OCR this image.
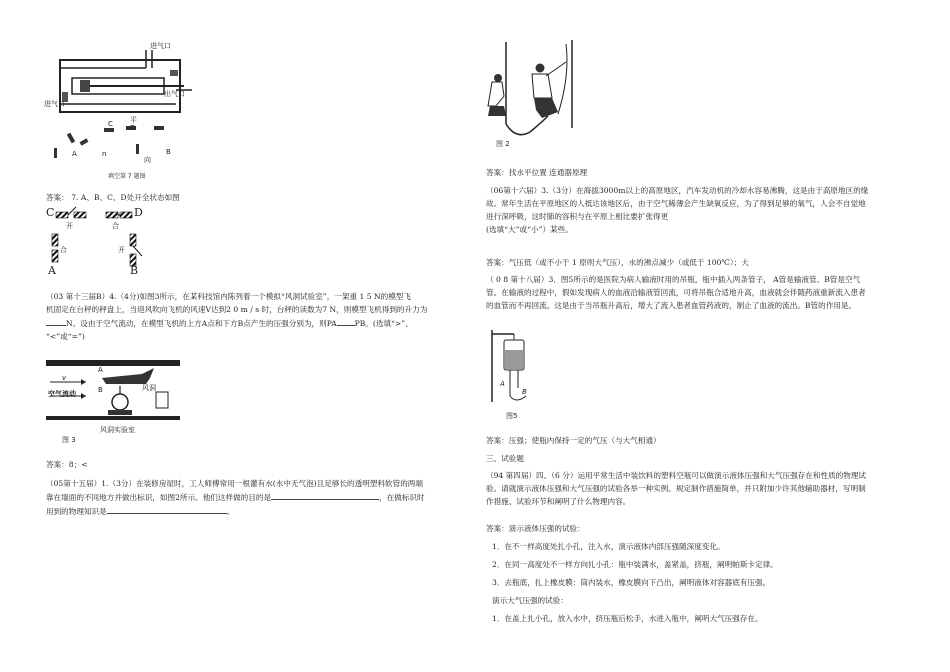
进气口
进气口
出气口
平
C D
A	B
向
n
填空第 7 题图

答案： 7. A、B、C、D处开全状态如图

C	D
开	合
合	开
A	B

（03 第十三届B）4.（4分)如图3所示，在某科技馆内陈列着一个模拟“风洞试验室”，一架重 1 5 N的模型飞

机固定在台秤的秤盘上，当迎风吹向飞机的风速V达到2 0 m / s 时，台秤的读数为7 N，则模型飞机得到的升力为

N。设由于空气流动，在模型飞机的上方A点和下方B点产生的压强分别为，则PA PB。(选填“>”、

“<”或“=”)

v
A
B
空气流动
风洞
风洞实验室
图 3

答案：8；<

（05第十五届）1.（3分）在装修房屋时，工人师傅常用一根灌有水(水中无气泡)且足够长的透明塑料软管的两端

靠在墙面的不同地方并做出标识，如图2所示。他们这样做的目的是	，在做标识时

用到的物理知识是	。

图 2

答案：找水平位置 连通器原理

（06第十六届）3.（3分）在海拔3000m以上的高原地区，汽车发动机的冷却水容易沸腾，这是由于高原地区的缘

故。常年生活在平原地区的人抵达该地区后，由于空气稀薄会产生缺氧反应，为了得到足够的氧气，人会不自觉地

进行深呼吸，这时肺的容积与在平原上相比要扩张得更

(选填“大”或“小”）某些。

答案：气压低（或不小于 1 原则大气压），水的沸点减少（或低于 100℃）；大

（ 0 8 第十八届）3．图5所示的是医院为病人输液时用的吊瓶，瓶中插入两条管子， A管是输液管、B管是空气

管。在输液的过程中，假如发现病人的血液沿输液管回流，可将吊瓶合适地升高，血液就会伴随药液重新流入患者

的血管而不再回流。这是由于当吊瓶升高后，增大了流入患者血管药液的，制止了血液的流出。B管的作用是。

A
B
图5

答案：压强；使瓶内保持一定的气压（与大气相通）

三、试验题

（94 第四届）四、（6 分）运用平常生活中装饮料的塑料空瓶可以做演示液体压强和大气压强存在和性质的物理试

验。请就演示液体压强和大气压强的试验各举一种实例。规定制作措施简单，并只附加少许其他辅助器材，写明制

作措施、试验环节和阐明了什么物理内容。

答案：演示液体压强的试验：

1．在不一样高度处扎小孔，注入水，演示液体内部压强随深度变化。

2．在同一高度处不一样方向扎小孔：瓶中装满水，盖紧盖，挤瓶，阐明帕斯卡定律。

3．去瓶底，扎上橡皮膜：筒内装水，橡皮膜向下凸出，阐明液体对容器底有压强。

演示大气压强的试验：

1．在盖上扎小孔，放入水中，挤压瓶后松手，水进入瓶中，阐明大气压强存在。
